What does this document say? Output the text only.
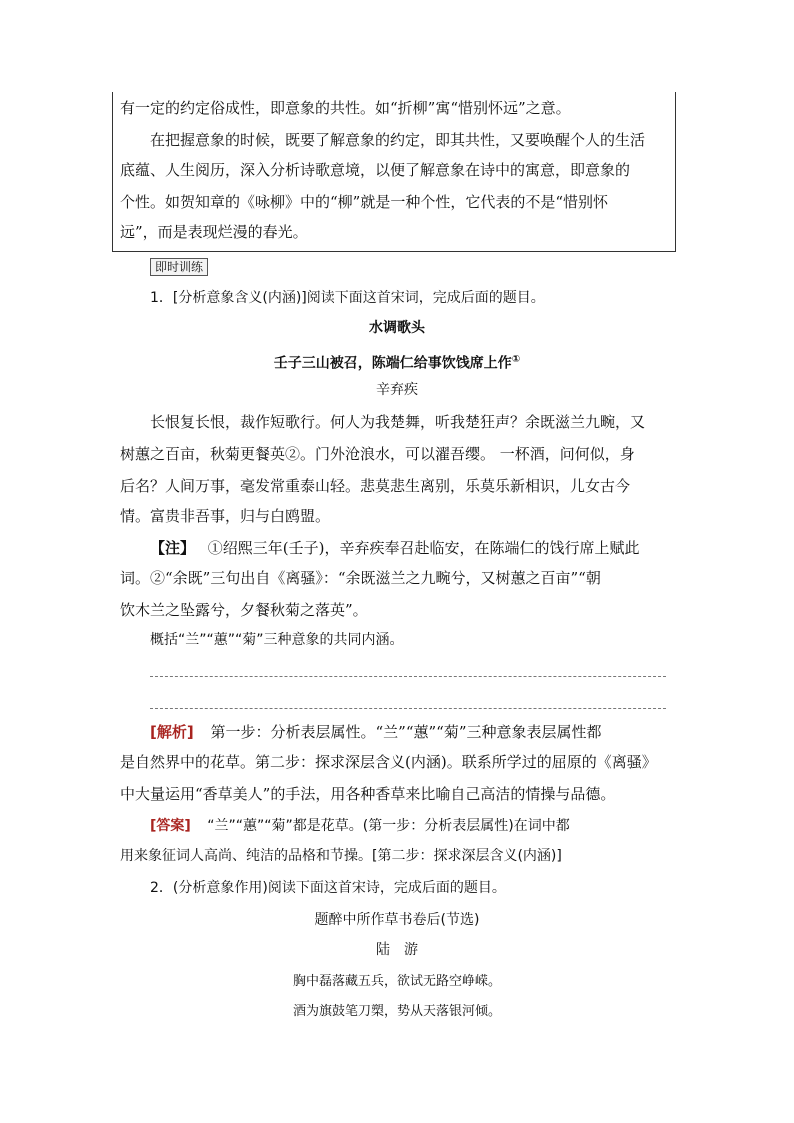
有一定的约定俗成性，即意象的共性。如“折柳”寓“惜别怀远”之意。
在把握意象的时候，既要了解意象的约定，即其共性，又要唤醒个人的生活
底蕴、人生阅历，深入分析诗歌意境，以便了解意象在诗中的寓意，即意象的
个性。如贺知章的《咏柳》中的“柳”就是一种个性，它代表的不是“惜别怀
远”，而是表现烂漫的春光。
即时训练
1．[分析意象含义(内涵)]阅读下面这首宋词，完成后面的题目。
水调歌头
壬子三山被召，陈端仁给事饮饯席上作①
辛弃疾
长恨复长恨，裁作短歌行。何人为我楚舞，听我楚狂声？余既滋兰九畹，又
树蕙之百亩，秋菊更餐英②。门外沧浪水，可以濯吾缨。 一杯酒，问何似，身
后名？人间万事，毫发常重泰山轻。悲莫悲生离别，乐莫乐新相识，儿女古今
情。富贵非吾事，归与白鸥盟。
【注】 ①绍熙三年(壬子)，辛弃疾奉召赴临安，在陈端仁的饯行席上赋此
词。②“余既”三句出自《离骚》：“余既滋兰之九畹兮，又树蕙之百亩”“朝
饮木兰之坠露兮，夕餐秋菊之落英”。
概括“兰”“蕙”“菊”三种意象的共同内涵。
[解析] 第一步：分析表层属性。“兰”“蕙”“菊”三种意象表层属性都
是自然界中的花草。第二步：探求深层含义(内涵)。联系所学过的屈原的《离骚》
中大量运用“香草美人”的手法，用各种香草来比喻自己高洁的情操与品德。
[答案] “兰”“蕙”“菊”都是花草。(第一步：分析表层属性)在词中都
用来象征词人高尚、纯洁的品格和节操。[第二步：探求深层含义(内涵)]
2．(分析意象作用)阅读下面这首宋诗，完成后面的题目。
题醉中所作草书卷后(节选)
陆　游
胸中磊落藏五兵，欲试无路空峥嵘。
酒为旗鼓笔刀槊，势从天落银河倾。
